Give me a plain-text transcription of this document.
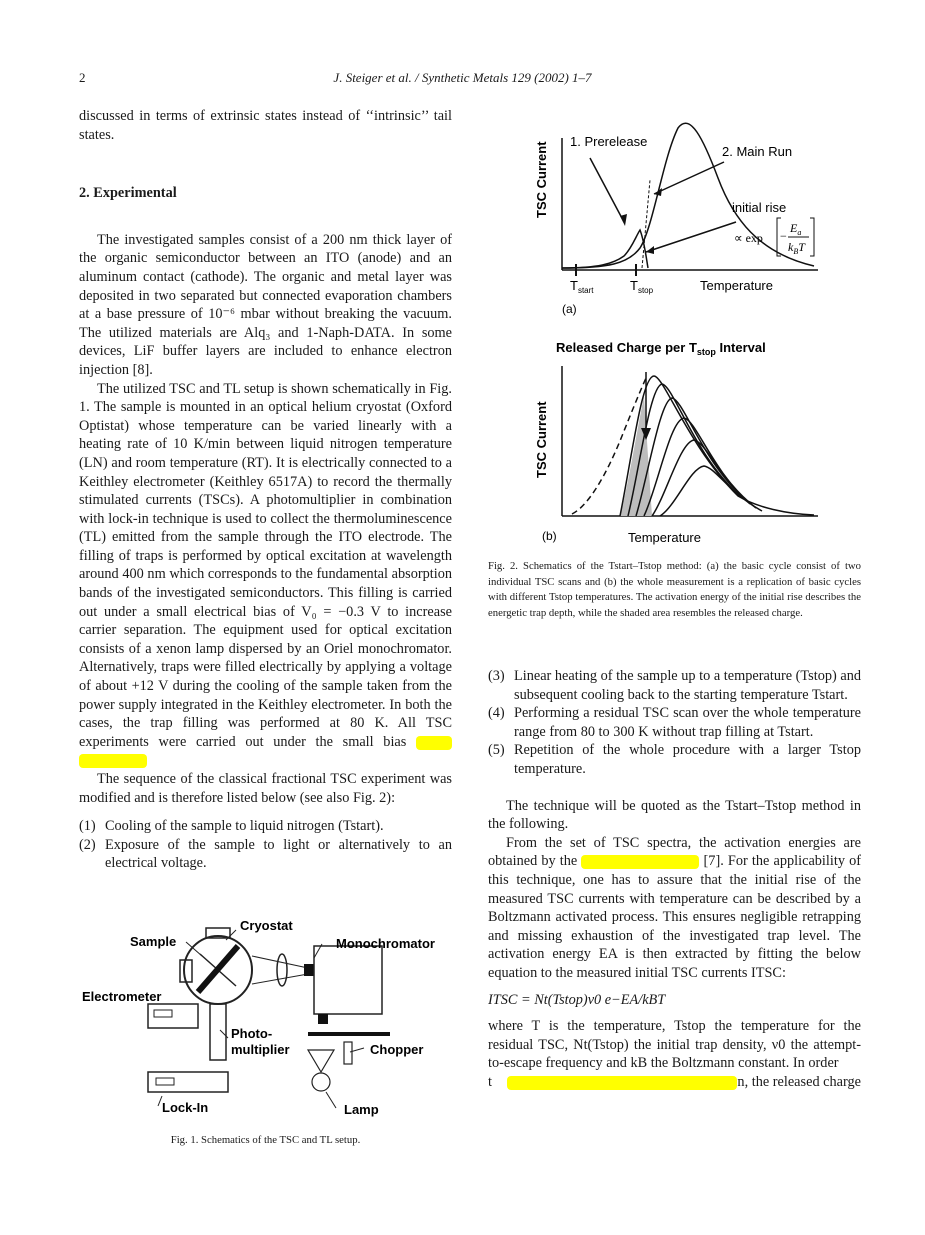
2	J. Steiger et al. / Synthetic Metals 129 (2002) 1–7

discussed in terms of extrinsic states instead of ‘‘intrinsic’’ tail states.

2. Experimental

The investigated samples consist of a 200 nm thick layer of the organic semiconductor between an ITO (anode) and an aluminum contact (cathode). The organic and metal layer was deposited in two separated but connected evaporation chambers at a base pressure of 10⁻⁶ mbar without breaking the vacuum. The utilized materials are Alq₃ and 1-Naph-DATA. In some devices, LiF buffer layers are included to enhance electron injection [8].

The utilized TSC and TL setup is shown schematically in Fig. 1. The sample is mounted in an optical helium cryostat (Oxford Optistat) whose temperature can be varied linearly with a heating rate of 10 K/min between liquid nitrogen temperature (LN) and room temperature (RT). It is electrically connected to a Keithley electrometer (Keithley 6517A) to record the thermally stimulated currents (TSCs). A photomultiplier in combination with lock-in technique is used to collect the thermoluminescence (TL) emitted from the sample through the ITO electrode. The filling of traps is performed by optical excitation at wavelength around 400 nm which corresponds to the fundamental absorption bands of the investigated semiconductors. This filling is carried out under a small electrical bias of V₀ = −0.3 V to increase carrier separation. The equipment used for optical excitation consists of a xenon lamp dispersed by an Oriel monochromator. Alternatively, traps were filled electrically by applying a voltage of about +12 V during the cooling of the sample taken from the power supply integrated in the Keithley electrometer. In both the cases, the trap filling was performed at 80 K. All TSC experiments were carried out under the small bias

The sequence of the classical fractional TSC experiment was modified and is therefore listed below (see also Fig. 2):

(1) Cooling of the sample to liquid nitrogen (Tstart).
(2) Exposure of the sample to light or alternatively to an electrical voltage.
Cryostat
Sample	Monochromator
Electrometer
Photo-
multiplier	Chopper
Lock-In	Lamp
Fig. 1. Schematics of the TSC and TL setup.
TSC Current 1. Prerelease
2. Main Run
initial rise
∝ exp −
$E_a$
$k_BT$
$T_{start}$	$T_{stop}$	Temperature
(a)
Released Charge per $T_{stop}$ Interval
TSC Current
Temperature
(b)
Fig. 2. Schematics of the Tstart–Tstop method: (a) the basic cycle consist of two individual TSC scans and (b) the whole measurement is a replication of basic cycles with different Tstop temperatures. The activation energy of the initial rise describes the energetic trap depth, while the shaded area resembles the released charge.
(3) Linear heating of the sample up to a temperature (Tstop) and subsequent cooling back to the starting temperature Tstart.
(4) Performing a residual TSC scan over the whole temperature range from 80 to 300 K without trap filling at Tstart.
(5) Repetition of the whole procedure with a larger Tstop temperature.

The technique will be quoted as the Tstart–Tstop method in the following.

From the set of TSC spectra, the activation energies are obtained by the	[7]. For the applicability of this technique, one has to assure that the initial rise of the measured TSC currents with temperature can be described by a Boltzmann activated process. This ensures negligible retrapping and missing exhaustion of the investigated trap level. The activation energy EA is then extracted by fitting the below equation to the measured initial TSC currents ITSC:

ITSC = Nt(Tstop)ν0 e−EA/kBT

where T is the temperature, Tstop the temperature for the residual TSC, Nt(Tstop) the initial trap density, ν0 the attempt-to-escape frequency and kB the Boltzmann constant. In order

t	n, the released charge
